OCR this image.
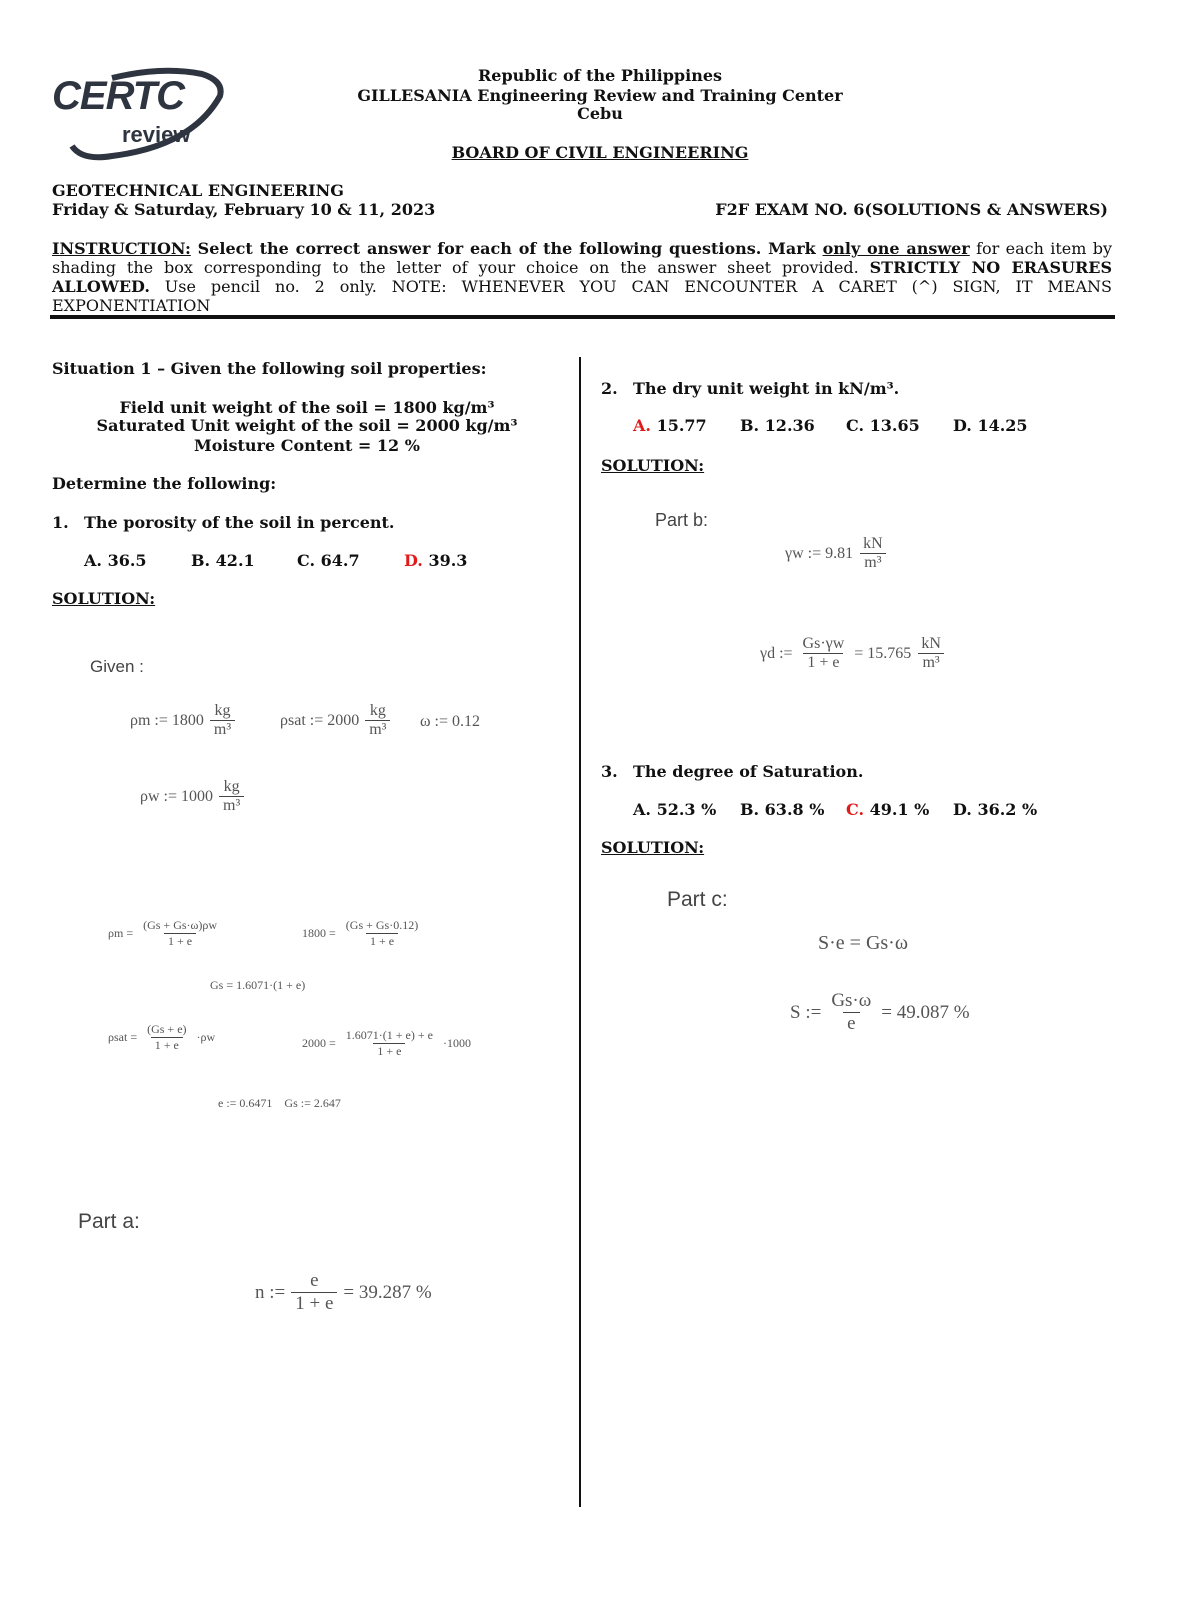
CERTC
review
Republic of the Philippines
GILLESANIA Engineering Review and Training Center
Cebu
BOARD OF CIVIL ENGINEERING
GEOTECHNICAL ENGINEERING
Friday & Saturday, February 10 & 11, 2023	F2F EXAM NO. 6(SOLUTIONS & ANSWERS)
INSTRUCTION: Select the correct answer for each of the following questions. Mark only one answer for each item by shading the box corresponding to the letter of your choice on the answer sheet provided. STRICTLY NO ERASURES ALLOWED. Use pencil no. 2 only. NOTE: WHENEVER YOU CAN ENCOUNTER A CARET (^) SIGN, IT MEANS EXPONENTIATION
Situation 1 – Given the following soil properties:
Field unit weight of the soil = 1800 kg/m³
Saturated Unit weight of the soil = 2000 kg/m³
Moisture Content = 12 %
Determine the following:
1. The porosity of the soil in percent.
A. 36.5	B. 42.1	C. 64.7	D. 39.3
SOLUTION:
Given :
ρm := $1800 \frac{kg}{\text{m³}}$	ρsat := $2000 \frac{kg}{\text{m³}}$ ω := 0.12
ρw := $1000 \frac{kg}{\text{m³}}$
$\rho m = \frac{(Gs + Gs\cdot\omega)\rho w}{1 + e}$	$1800 = \frac{(Gs + Gs\cdot 0.12)}{1 + e}$
Gs = 1.6071·(1 + e)
$\rho sat = \frac{(Gs + e)}{1 + e} \cdot\rho w$	$2000 = \frac{1.6071\cdot(1 + e) + e}{1 + e} \cdot 1000$
e := 0.6471    Gs := 2.647
Part a:
n := $\frac{e}{1 + e} = 39.287$ %
2. The dry unit weight in kN/m³.
A. 15.77 B. 12.36 C. 13.65 D. 14.25
SOLUTION:
Part b:
γw := $9.81 \frac{kN}{\text{m³}}$
γd := $\frac{Gs\cdot\gamma w}{1 + e} = 15.765 \frac{kN}{\text{m³}}$
3. The degree of Saturation.
A. 52.3 % B. 63.8 % C. 49.1 % D. 36.2 %
SOLUTION:
Part c:
S·e = Gs·ω
S := $\frac{Gs\cdot\omega}{e} = 49.087$ %
